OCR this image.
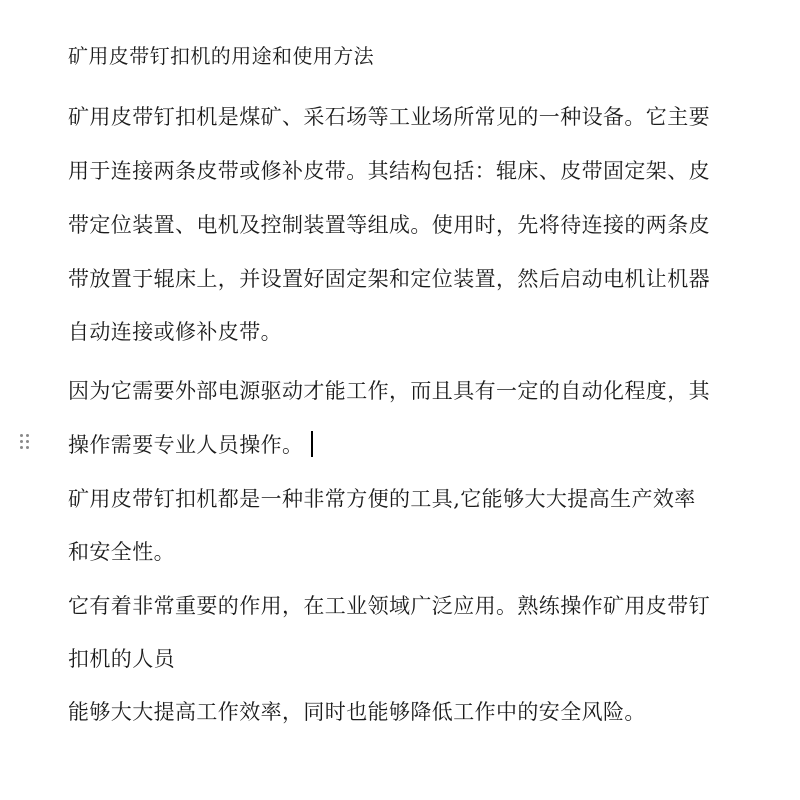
矿用皮带钉扣机的用途和使用方法
矿用皮带钉扣机是煤矿、采石场等工业场所常见的一种设备。它主要
用于连接两条皮带或修补皮带。其结构包括：辊床、皮带固定架、皮
带定位装置、电机及控制装置等组成。使用时，先将待连接的两条皮
带放置于辊床上，并设置好固定架和定位装置，然后启动电机让机器
自动连接或修补皮带。
因为它需要外部电源驱动才能工作，而且具有一定的自动化程度，其
操作需要专业人员操作。
矿用皮带钉扣机都是一种非常方便的工具,它能够大大提高生产效率
和安全性。
它有着非常重要的作用，在工业领域广泛应用。熟练操作矿用皮带钉
扣机的人员
能够大大提高工作效率，同时也能够降低工作中的安全风险。
